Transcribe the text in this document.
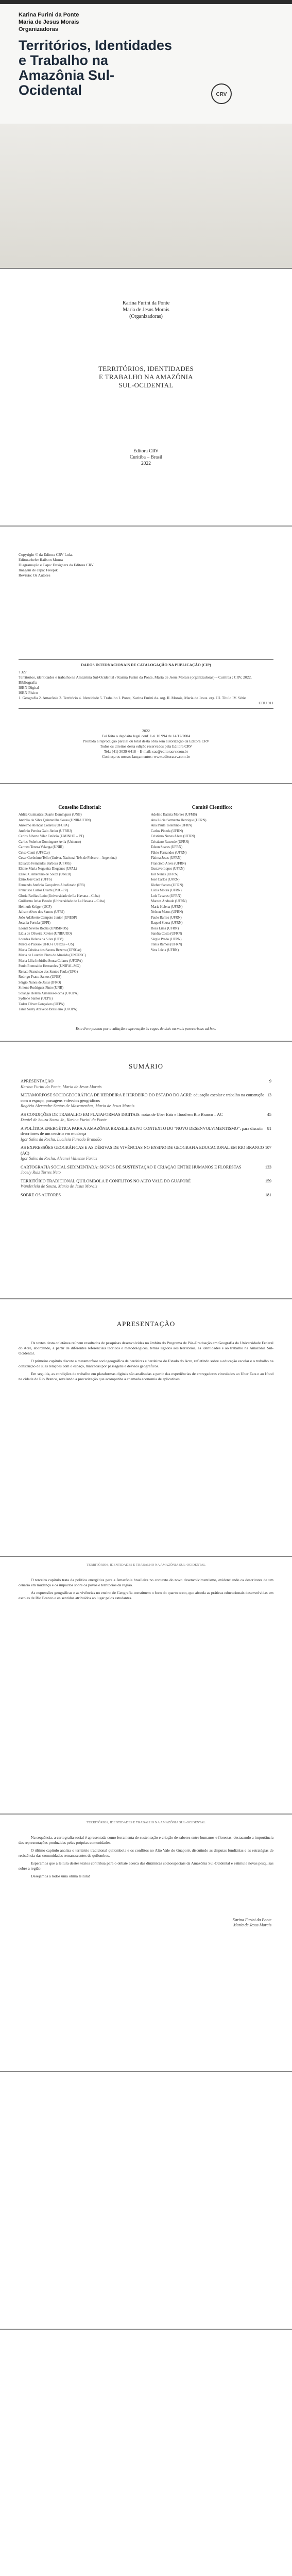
Karina Furini da Ponte
Maria de Jesus Morais
Organizadoras
Territórios, Identidades e Trabalho na Amazônia Sul-Ocidental	CRV
Karina Furini da Ponte
Maria de Jesus Morais
(Organizadoras)
TERRITÓRIOS, IDENTIDADES
E TRABALHO NA AMAZÔNIA
SUL-OCIDENTAL
Editora CRV
Curitiba – Brasil
2022
Copyright © da Editora CRV Ltda.
Editor-chefe: Railson Moura
Diagramação e Capa: Designers da Editora CRV
Imagem de capa: Freepik
Revisão: Os Autores
DADOS INTERNACIONAIS DE CATALOGAÇÃO NA PUBLICAÇÃO (CIP)
T327
Territórios, identidades e trabalho na Amazônia Sul-Ocidental / Karina Furini da Ponte, Maria de Jesus Morais (organizadoras) – Curitiba : CRV, 2022.
Bibliografia
ISBN Digital
ISBN Físico
1. Geografia 2. Amazônia 3. Território 4. Identidade 5. Trabalho I. Ponte, Karina Furini da. org. II. Morais, Maria de Jesus. org. III. Título IV. Série
CDU 911
2022
Foi feito o depósito legal conf. Lei 10.994 de 14/12/2004
Proibida a reprodução parcial ou total desta obra sem autorização da Editora CRV
Todos os direitos desta edição reservados pela Editora CRV
Tel.: (41) 3039-6418 – E-mail: sac@editoracrv.com.br
Conheça os nossos lançamentos: www.editoracrv.com.br
Conselho Editorial:

Aldira Guimarães Duarte Domínguez (UNB)

Andréia da Silva Quintanilha Sousa (UNIR/UFRN)

Anselmo Alencar Colares (UFOPA)

Antônio Pereira Gaio Júnior (UFRRJ)

Carlos Alberto Vilar Estêvão (UMINHO – PT)

Carlos Federico Dominguez Avila (Unieuro)

Carmen Tereza Velanga (UNIR)

Celso Conti (UFSCar)

Cesar Gerónimo Tello (Univer. Nacional Três de Febrero – Argentina)

Eduardo Fernandes Barbosa (UFMG)

Elione Maria Nogueira Diogenes (UFAL)

Elizeu Clementino de Souza (UNEB)

Élsio José Corá (UFFS)

Fernando Antônio Gonçalves Alcoforado (IPB)

Francisco Carlos Duarte (PUC-PR)

Gloria Fariñas León (Universidade de La Havana – Cuba)

Guillermo Arias Beatón (Universidade de La Havana – Cuba)

Helmuth Krüger (UCP)

Jailson Alves dos Santos (UFRJ)

João Adalberto Campato Junior (UNESP)

Josania Portela (UFPI)

Leonel Severo Rocha (UNISINOS)

Lídia de Oliveira Xavier (UNIEURO)

Lourdes Helena da Silva (UFV)

Marcelo Paixão (UFRJ e UTexas – US)

Maria Cristina dos Santos Bezerra (UFSCar)

Maria de Lourdes Pinto de Almeida (UNOESC)

Maria Lília Imbiriba Sousa Colares (UFOPA)

Paulo Romualdo Hernandes (UNIFAL-MG)

Renato Francisco dos Santos Paula (UFG)

Rodrigo Pratte-Santos (UFES)

Sérgio Nunes de Jesus (IFRO)

Simone Rodrigues Pinto (UNB)

Solange Helena Ximenes-Rocha (UFOPA)

Sydione Santos (UEPG)

Tadeu Oliver Gonçalves (UFPA)

Tania Suely Azevedo Brasileiro (UFOPA)

Comitê Científico:

Adelmo Batista Moraes (UFMS)

Ana Lúcia Sarmento Henrique (UFRN)

Ana Paula Tolentino (UFRN)

Carlos Pineda (UFRN)

Cristiano Nunes Alves (UFRN)

Cristiano Rezende (UFRN)

Edson Soares (UFRN)

Fábio Fernandes (UFRN)

Fátima Jesus (UFRN)

Francisco Alves (UFRN)

Gustavo Lopes (UFRN)

Jair Nunes (UFRN)

José Carlos (UFRN)

Kleber Santos (UFRN)

Lúcia Moura (UFRN)

Luís Tavares (UFRN)

Marcos Andrade (UFRN)

Maria Helena (UFRN)

Nelson Matos (UFRN)

Paulo Barros (UFRN)

Raquel Sousa (UFRN)

Rosa Lima (UFRN)

Sandra Costa (UFRN)

Sérgio Prado (UFRN)

Tânia Ramos (UFRN)

Vera Lúcia (UFRN)

Este livro passou por avaliação e aprovação às cegas de dois ou mais pareceristas ad hoc.
SUMÁRIO
9
APRESENTAÇÃO
Karina Furini da Ponte, Maria de Jesus Morais
13
METAMORFOSE SOCIOGEOGRÁFICA DE HERDEIRA E HERDEIRO DO ESTADO DO ACRE: educação escolar e trabalho na construção com o espaço, passagens e desvios geográficos
Rogério Alexandre Santos de Mascarenhas, Maria de Jesus Morais
45
AS CONDIÇÕES DE TRABALHO EM PLATAFORMAS DIGITAIS: notas de Uber Eats e Ifood em Rio Branco – AC
Daniel de Souza Sousa Jr., Karina Furini da Ponte
81
A POLÍTICA ENERGÉTICA PARA A AMAZÔNIA BRASILEIRA NO CONTEXTO DO "NOVO DESENVOLVIMENTISMO": para discutir descritores de um cenário em mudança
Igor Sales da Rocha, Lucileia Furtado Brandão
107
AS EXPRESSÕES GEOGRÁFICAS E AS DÉRIVAS DE VIVÊNCIAS NO ENSINO DE GEOGRAFIA EDUCACIONAL EM RIO BRANCO (AC)
Igor Sales da Rocha, Alvanei Valiense Farias
133
CARTOGRAFIA SOCIAL SEDIMENTADA: SIGNOS DE SUSTENTAÇÃO E CRIAÇÃO ENTRE HUMANOS E FLORESTAS
Jocely Ruiz Torres Neto
159
TERRITÓRIO TRADICIONAL QUILOMBOLA E CONFLITOS NO ALTO VALE DO GUAPORÉ
Wanderleia de Souza, Maria de Jesus Morais
181
SOBRE OS AUTORES
APRESENTAÇÃO

Os textos desta coletânea reúnem resultados de pesquisas desenvolvidas no âmbito do Programa de Pós-Graduação em Geografia da Universidade Federal do Acre, abordando, a partir de diferentes referenciais teóricos e metodológicos, temas ligados aos territórios, às identidades e ao trabalho na Amazônia Sul-Ocidental.

O primeiro capítulo discute a metamorfose sociogeográfica de herdeiras e herdeiros do Estado do Acre, refletindo sobre a educação escolar e o trabalho na construção de suas relações com o espaço, marcadas por passagens e desvios geográficos.

Em seguida, as condições de trabalho em plataformas digitais são analisadas a partir das experiências de entregadores vinculados ao Uber Eats e ao Ifood na cidade de Rio Branco, revelando a precarização que acompanha a chamada economia de aplicativos.

TERRITÓRIOS, IDENTIDADES E TRABALHO NA AMAZÔNIA SUL-OCIDENTAL

O terceiro capítulo trata da política energética para a Amazônia brasileira no contexto do novo desenvolvimentismo, evidenciando os descritores de um cenário em mudança e os impactos sobre os povos e territórios da região.

As expressões geográficas e as vivências no ensino de Geografia constituem o foco do quarto texto, que aborda as práticas educacionais desenvolvidas em escolas de Rio Branco e os sentidos atribuídos ao lugar pelos estudantes.

TERRITÓRIOS, IDENTIDADES E TRABALHO NA AMAZÔNIA SUL-OCIDENTAL

Na sequência, a cartografia social é apresentada como ferramenta de sustentação e criação de saberes entre humanos e florestas, destacando a importância das representações produzidas pelas próprias comunidades.

O último capítulo analisa o território tradicional quilombola e os conflitos no Alto Vale do Guaporé, discutindo as disputas fundiárias e as estratégias de resistência das comunidades remanescentes de quilombos.

Esperamos que a leitura destes textos contribua para o debate acerca das dinâmicas socioespaciais da Amazônia Sul-Ocidental e estimule novas pesquisas sobre a região.

Desejamos a todos uma ótima leitura!

Karina Furini da Ponte
Maria de Jesus Morais
